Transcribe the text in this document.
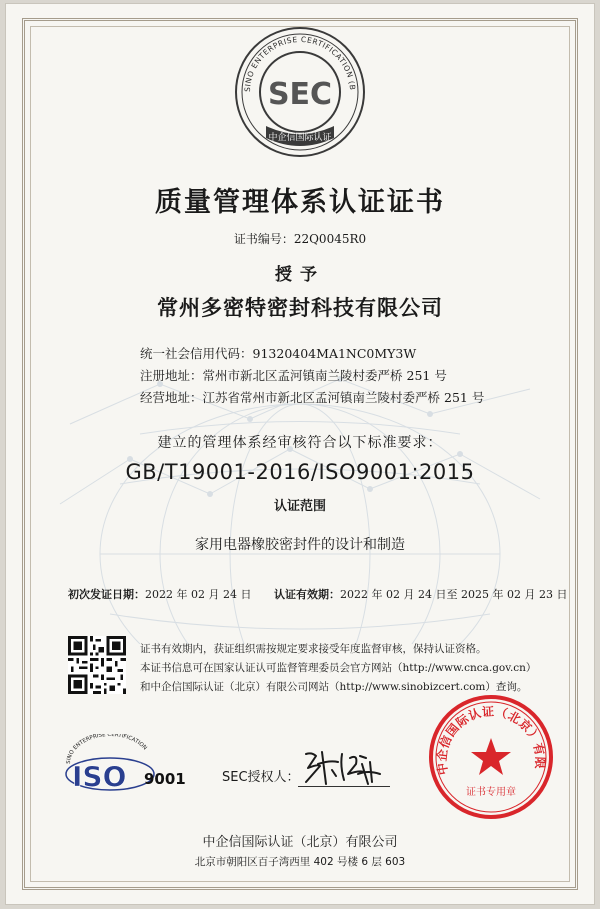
SINO ENTERPRISE CERTIFICATION (B
SEC
中企信国际认证
质量管理体系认证证书
证书编号：22Q0045R0
授予
常州多密特密封科技有限公司
统一社会信用代码：91320404MA1NC0MY3W
注册地址：常州市新北区孟河镇南兰陵村委严桥 251 号
经营地址：江苏省常州市新北区孟河镇南兰陵村委严桥 251 号
建立的管理体系经审核符合以下标准要求：
GB/T19001-2016/ISO9001:2015
认证范围
家用电器橡胶密封件的设计和制造
初次发证日期：2022 年 02 月 24 日 认证有效期：2022 年 02 月 24 日至 2025 年 02 月 23 日
证书有效期内，获证组织需按规定要求接受年度监督审核，保持认证资格。
本证书信息可在国家认证认可监督管理委员会官方网站（http://www.cnca.gov.cn）
和中企信国际认证（北京）有限公司网站（http://www.sinobizcert.com）查询。
SINO ENTERPRISE CERTIFICATION
ISO 9001	SEC授权人：
中企信国际认证（北京）有限
证书专用章
中企信国际认证（北京）有限公司
北京市朝阳区百子湾西里 402 号楼 6 层 603
